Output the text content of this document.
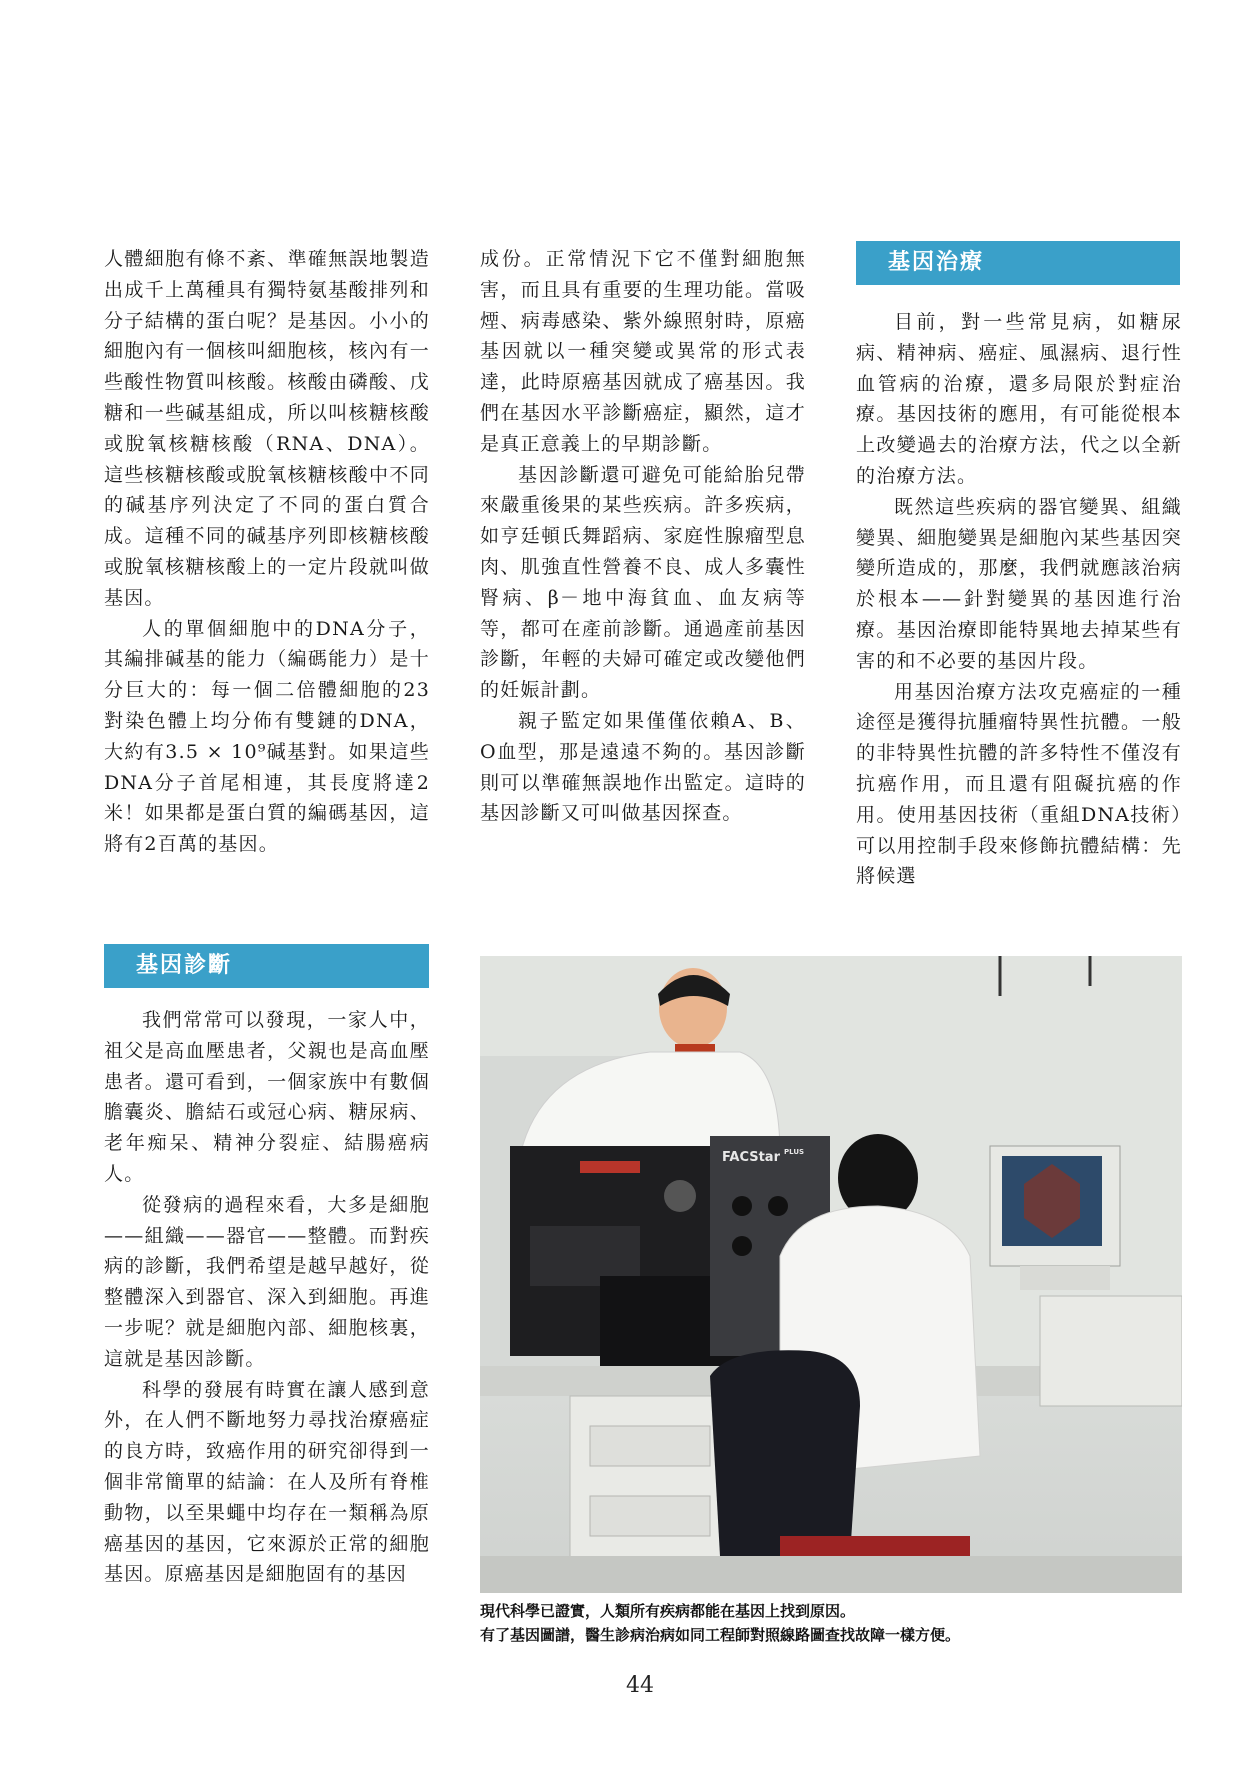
人體細胞有條不紊、準確無誤地製造出成千上萬種具有獨特氨基酸排列和分子結構的蛋白呢？是基因。小小的細胞內有一個核叫細胞核，核內有一些酸性物質叫核酸。核酸由磷酸、戊糖和一些碱基組成，所以叫核糖核酸或脫氧核糖核酸（RNA、DNA）。這些核糖核酸或脫氧核糖核酸中不同的碱基序列決定了不同的蛋白質合成。這種不同的碱基序列即核糖核酸或脫氧核糖核酸上的一定片段就叫做基因。

人的單個細胞中的DNA分子，其編排碱基的能力（編碼能力）是十分巨大的：每一個二倍體細胞的23對染色體上均分佈有雙鏈的DNA，大約有3.5 × 10⁹碱基對。如果這些DNA分子首尾相連，其長度將達2米！如果都是蛋白質的編碼基因，這將有2百萬的基因。

基因診斷

我們常常可以發現，一家人中，祖父是高血壓患者，父親也是高血壓患者。還可看到，一個家族中有數個膽囊炎、膽結石或冠心病、糖尿病、老年痴呆、精神分裂症、結腸癌病人。

從發病的過程來看，大多是細胞——組織——器官——整體。而對疾病的診斷，我們希望是越早越好，從整體深入到器官、深入到細胞。再進一步呢？就是細胞內部、細胞核裏，這就是基因診斷。

科學的發展有時實在讓人感到意外，在人們不斷地努力尋找治療癌症的良方時，致癌作用的研究卻得到一個非常簡單的結論：在人及所有脊椎動物，以至果蠅中均存在一類稱為原癌基因的基因，它來源於正常的細胞基因。原癌基因是細胞固有的基因

成份。正常情況下它不僅對細胞無害，而且具有重要的生理功能。當吸煙、病毒感染、紫外線照射時，原癌基因就以一種突變或異常的形式表達，此時原癌基因就成了癌基因。我們在基因水平診斷癌症，顯然，這才是真正意義上的早期診斷。

基因診斷還可避免可能給胎兒帶來嚴重後果的某些疾病。許多疾病，如亨廷頓氏舞蹈病、家庭性腺瘤型息肉、肌強直性營養不良、成人多囊性腎病、β－地中海貧血、血友病等等，都可在產前診斷。通過產前基因診斷，年輕的夫婦可確定或改變他們的妊娠計劃。

親子監定如果僅僅依賴A、B、O血型，那是遠遠不夠的。基因診斷則可以準確無誤地作出監定。這時的基因診斷又可叫做基因探查。

基因治療

目前，對一些常見病，如糖尿病、精神病、癌症、風濕病、退行性血管病的治療，還多局限於對症治療。基因技術的應用，有可能從根本上改變過去的治療方法，代之以全新的治療方法。

既然這些疾病的器官變異、組織變異、細胞變異是細胞內某些基因突變所造成的，那麼，我們就應該治病於根本——針對變異的基因進行治療。基因治療即能特異地去掉某些有害的和不必要的基因片段。

用基因治療方法攻克癌症的一種途徑是獲得抗腫瘤特異性抗體。一般的非特異性抗體的許多特性不僅沒有抗癌作用，而且還有阻礙抗癌的作用。使用基因技術（重組DNA技術）可以用控制手段來修飾抗體結構：先將候選

FACStar PLUS
現代科學已證實，人類所有疾病都能在基因上找到原因。
有了基因圖譜，醫生診病治病如同工程師對照線路圖查找故障一樣方便。
44
